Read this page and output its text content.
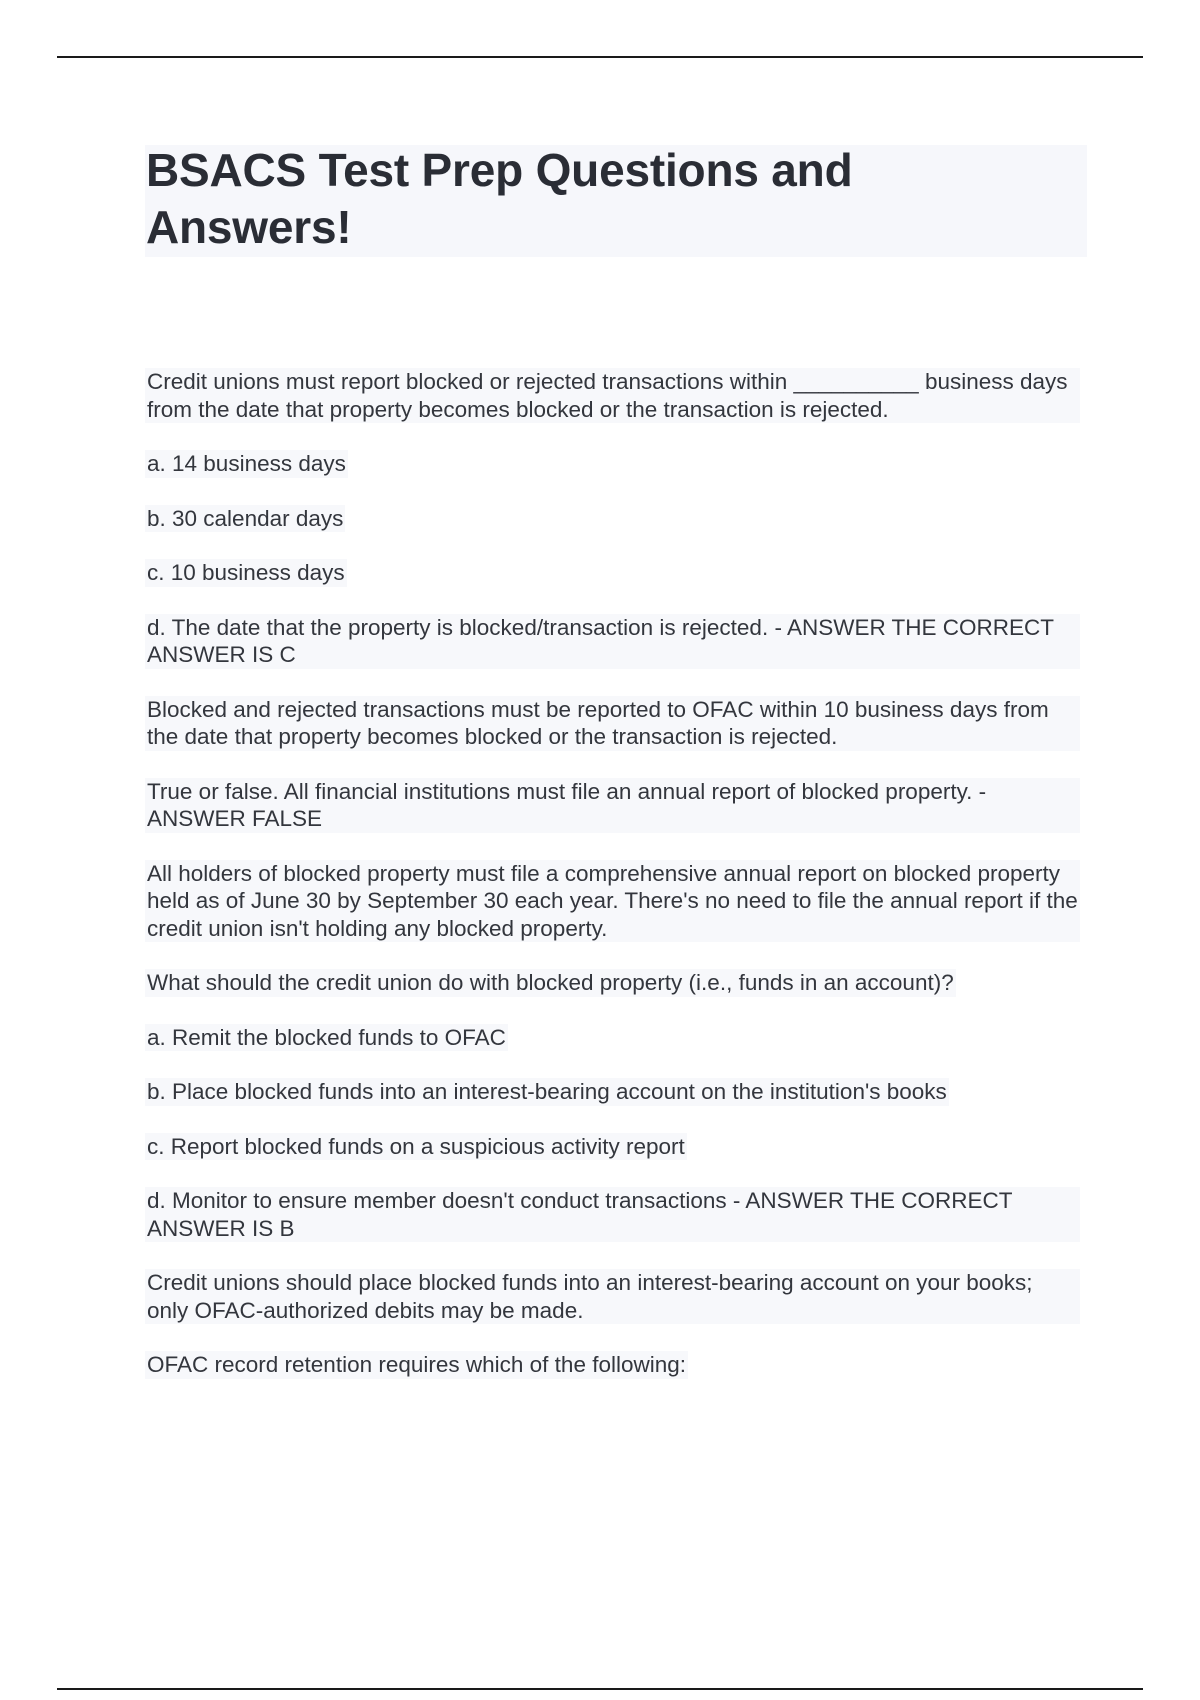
BSACS Test Prep Questions and Answers!
Credit unions must report blocked or rejected transactions within __________ business days from the date that property becomes blocked or the transaction is rejected.
a. 14 business days
b. 30 calendar days
c. 10 business days
d. The date that the property is blocked/transaction is rejected. - ANSWER THE CORRECT ANSWER IS C
Blocked and rejected transactions must be reported to OFAC within 10 business days from the date that property becomes blocked or the transaction is rejected.
True or false. All financial institutions must file an annual report of blocked property. - ANSWER FALSE
All holders of blocked property must file a comprehensive annual report on blocked property held as of June 30 by September 30 each year. There's no need to file the annual report if the credit union isn't holding any blocked property.
What should the credit union do with blocked property (i.e., funds in an account)?
a. Remit the blocked funds to OFAC
b. Place blocked funds into an interest-bearing account on the institution's books
c. Report blocked funds on a suspicious activity report
d. Monitor to ensure member doesn't conduct transactions - ANSWER THE CORRECT ANSWER IS B
Credit unions should place blocked funds into an interest-bearing account on your books; only OFAC-authorized debits may be made.
OFAC record retention requires which of the following:
